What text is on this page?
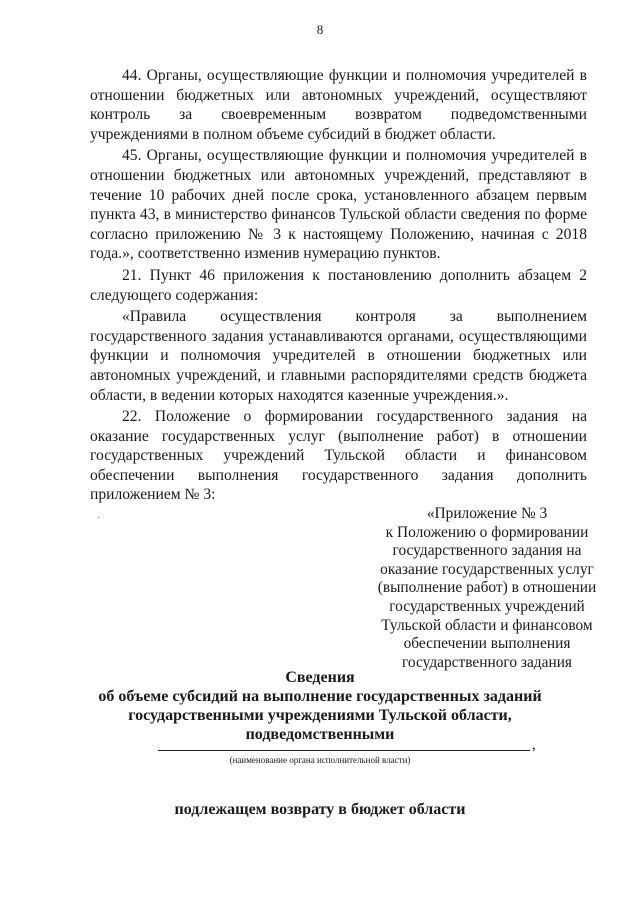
8

44. Органы, осуществляющие функции и полномочия учредителей в отношении бюджетных или автономных учреждений, осуществляют контроль за своевременным возвратом подведомственными учреждениями в полном объеме субсидий в бюджет области.

45. Органы, осуществляющие функции и полномочия учредителей в отношении бюджетных или автономных учреждений, представляют в течение 10 рабочих дней после срока, установленного абзацем первым пункта 43, в министерство финансов Тульской области сведения по форме согласно приложению № 3 к настоящему Положению, начиная с 2018 года.», соответственно изменив нумерацию пунктов.

21. Пункт 46 приложения к постановлению дополнить абзацем 2 следующего содержания:

«Правила осуществления контроля за выполнением государственного задания устанавливаются органами, осуществляющими функции и полномочия учредителей в отношении бюджетных или автономных учреждений, и главными распорядителями средств бюджета области, в ведении которых находятся казенные учреждения.».

22. Положение о формировании государственного задания на оказание государственных услуг (выполнение работ) в отношении государственных учреждений Тульской области и финансовом обеспечении выполнения государственного задания дополнить приложением № 3:

·	«Приложение № 3
к Положению о формировании
государственного задания на
оказание государственных услуг
(выполнение работ) в отношении
государственных учреждений
Тульской области и финансовом
обеспечении выполнения
государственного задания
Сведения
об объеме субсидий на выполнение государственных заданий
государственными учреждениями Тульской области,
подведомственными
,
(наименование органа исполнительной власти)
подлежащем возврату в бюджет области
